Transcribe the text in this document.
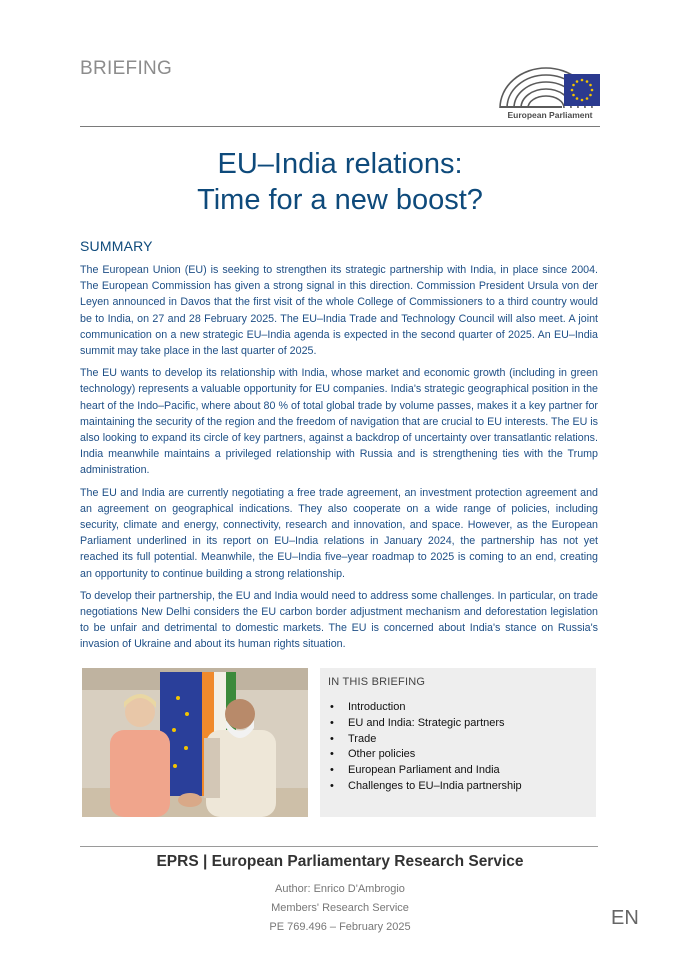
BRIEFING
European Parliament
EU–India relations:
Time for a new boost?
SUMMARY

The European Union (EU) is seeking to strengthen its strategic partnership with India, in place since 2004. The European Commission has given a strong signal in this direction. Commission President Ursula von der Leyen announced in Davos that the first visit of the whole College of Commissioners to a third country would be to India, on 27 and 28 February 2025. The EU–India Trade and Technology Council will also meet. A joint communication on a new strategic EU–India agenda is expected in the second quarter of 2025. An EU–India summit may take place in the last quarter of 2025.

The EU wants to develop its relationship with India, whose market and economic growth (including in green technology) represents a valuable opportunity for EU companies. India's strategic geographical position in the heart of the Indo–Pacific, where about 80 % of total global trade by volume passes, makes it a key partner for maintaining the security of the region and the freedom of navigation that are crucial to EU interests. The EU is also looking to expand its circle of key partners, against a backdrop of uncertainty over transatlantic relations. India meanwhile maintains a privileged relationship with Russia and is strengthening ties with the Trump administration.

The EU and India are currently negotiating a free trade agreement, an investment protection agreement and an agreement on geographical indications. They also cooperate on a wide range of policies, including security, climate and energy, connectivity, research and innovation, and space. However, as the European Parliament underlined in its report on EU–India relations in January 2024, the partnership has not yet reached its full potential. Meanwhile, the EU–India five–year roadmap to 2025 is coming to an end, creating an opportunity to continue building a strong relationship.

To develop their partnership, the EU and India would need to address some challenges. In particular, on trade negotiations New Delhi considers the EU carbon border adjustment mechanism and deforestation legislation to be unfair and detrimental to domestic markets. The EU is concerned about India's stance on Russia's invasion of Ukraine and about its human rights situation.

IN THIS BRIEFING
• Introduction
• EU and India: Strategic partners
• Trade
• Other policies
• European Parliament and India
• Challenges to EU–India partnership
EPRS | European Parliamentary Research Service
Author: Enrico D'Ambrogio
Members' Research Service
PE 769.496 – February 2025	EN
